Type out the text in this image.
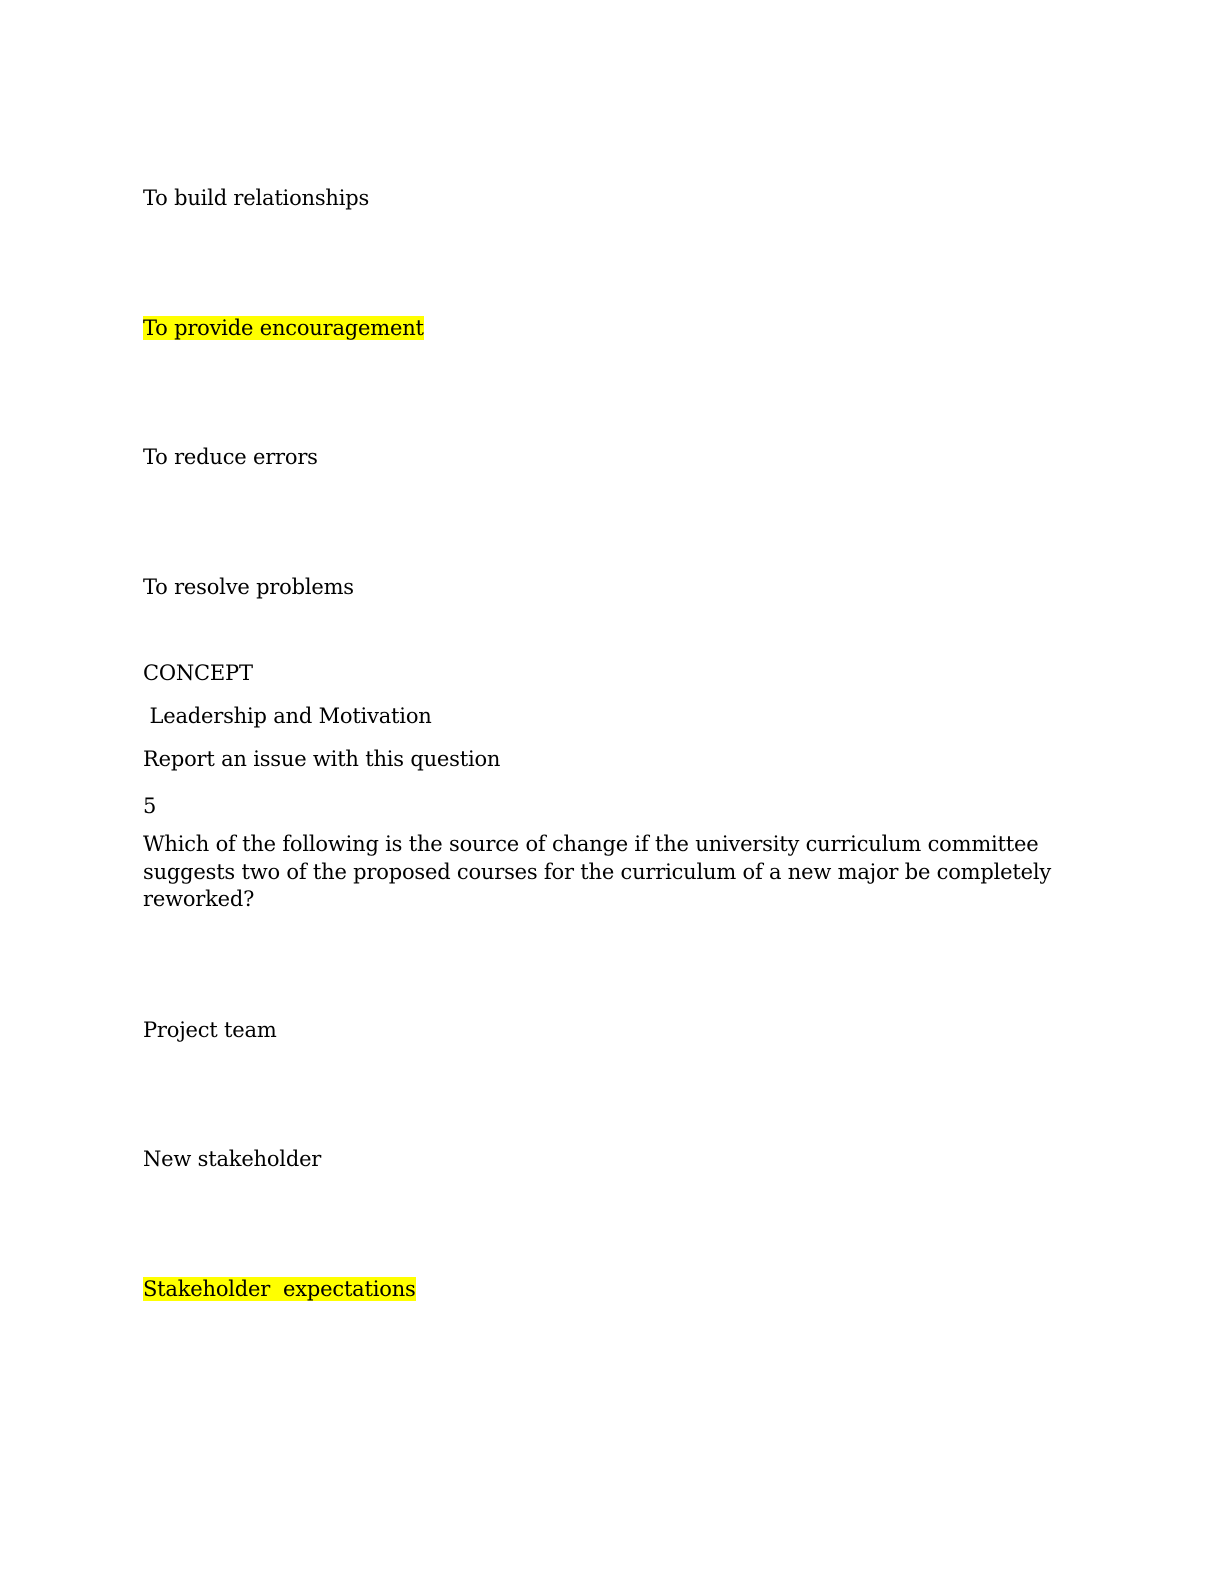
To build relationships
To provide encouragement
To reduce errors
To resolve problems
CONCEPT
Leadership and Motivation
Report an issue with this question
5
Which of the following is the source of change if the university curriculum committee suggests two of the proposed courses for the curriculum of a new major be completely reworked?
Project team
New stakeholder
Stakeholder  expectations
